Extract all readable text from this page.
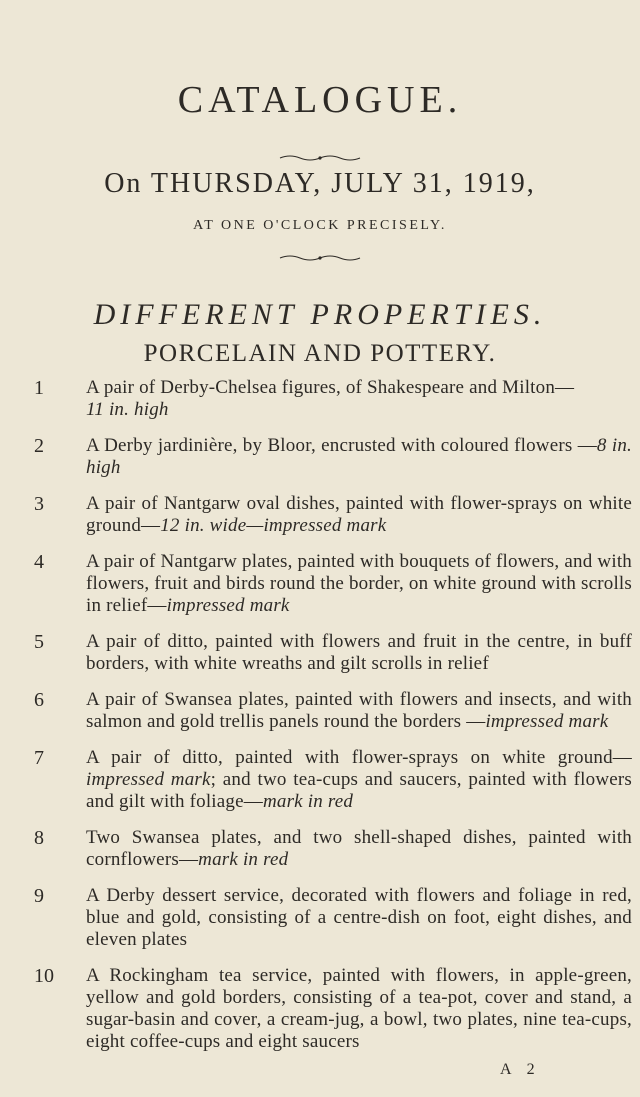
CATALOGUE.
On THURSDAY, JULY 31, 1919,
AT ONE O'CLOCK PRECISELY.
DIFFERENT PROPERTIES.
PORCELAIN AND POTTERY.
1	A pair of Derby-Chelsea figures, of Shakespeare and Milton—
11 in. high
2	A Derby jardinière, by Bloor, encrusted with coloured flowers —8 in. high
3	A pair of Nantgarw oval dishes, painted with flower-sprays on white ground—12 in. wide—impressed mark
4	A pair of Nantgarw plates, painted with bouquets of flowers, and with flowers, fruit and birds round the border, on white ground with scrolls in relief—impressed mark
5	A pair of ditto, painted with flowers and fruit in the centre, in buff borders, with white wreaths and gilt scrolls in relief
6	A pair of Swansea plates, painted with flowers and insects, and with salmon and gold trellis panels round the borders —impressed mark
7	A pair of ditto, painted with flower-sprays on white ground—impressed mark; and two tea-cups and saucers, painted with flowers and gilt with foliage—mark in red
8	Two Swansea plates, and two shell-shaped dishes, painted with cornflowers—mark in red
9	A Derby dessert service, decorated with flowers and foliage in red, blue and gold, consisting of a centre-dish on foot, eight dishes, and eleven plates
10	A Rockingham tea service, painted with flowers, in apple-green, yellow and gold borders, consisting of a tea-pot, cover and stand, a sugar-basin and cover, a cream-jug, a bowl, two plates, nine tea-cups, eight coffee-cups and eight saucers
A 2
